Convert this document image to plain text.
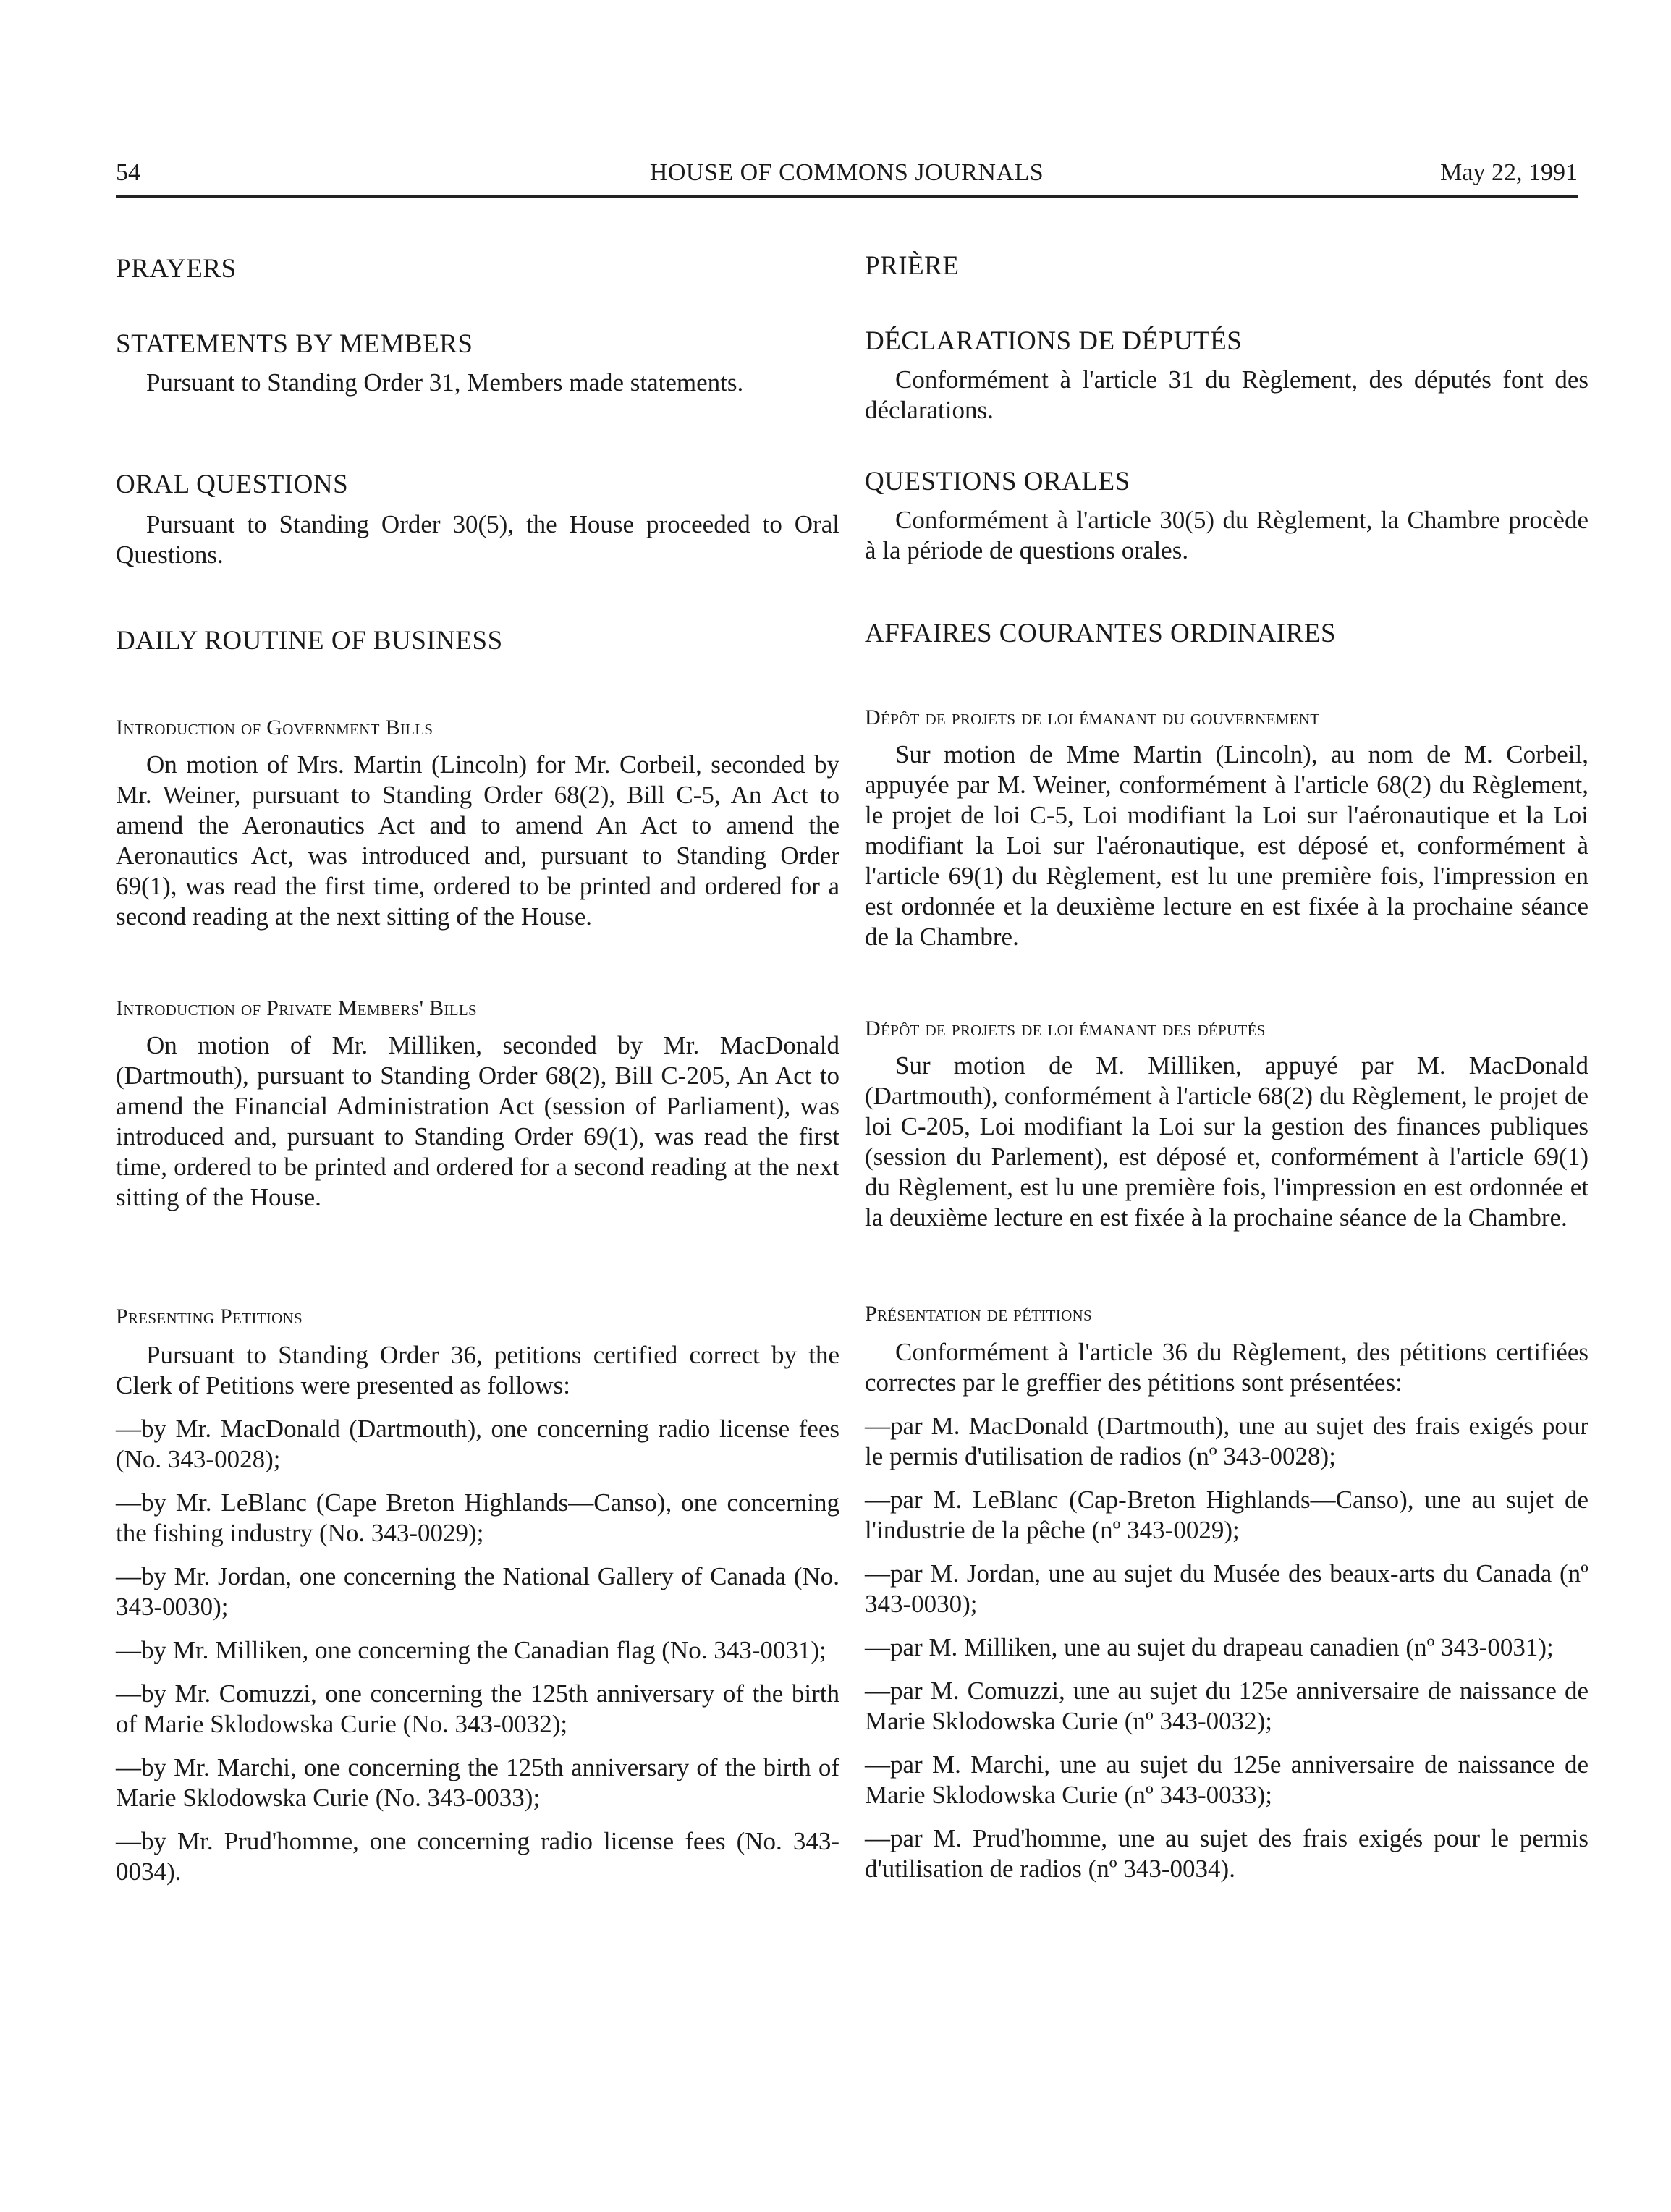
54	HOUSE OF COMMONS JOURNALS	May 22, 1991
PRAYERS
STATEMENTS BY MEMBERS

Pursuant to Standing Order 31, Members made statements.

ORAL QUESTIONS

Pursuant to Standing Order 30(5), the House proceeded to Oral Questions.

DAILY ROUTINE OF BUSINESS
Introduction of Government Bills

On motion of Mrs. Martin (Lincoln) for Mr. Corbeil, seconded by Mr. Weiner, pursuant to Standing Order 68(2), Bill C-5, An Act to amend the Aeronautics Act and to amend An Act to amend the Aeronautics Act, was introduced and, pursuant to Standing Order 69(1), was read the first time, ordered to be printed and ordered for a second reading at the next sitting of the House.

Introduction of Private Members' Bills

On motion of Mr. Milliken, seconded by Mr. MacDonald (Dartmouth), pursuant to Standing Order 68(2), Bill C-205, An Act to amend the Financial Administration Act (session of Parliament), was introduced and, pursuant to Standing Order 69(1), was read the first time, ordered to be printed and ordered for a second reading at the next sitting of the House.

Presenting Petitions

Pursuant to Standing Order 36, petitions certified correct by the Clerk of Petitions were presented as follows:

—by Mr. MacDonald (Dartmouth), one concerning radio license fees (No. 343-0028);

—by Mr. LeBlanc (Cape Breton Highlands—Canso), one concerning the fishing industry (No. 343-0029);

—by Mr. Jordan, one concerning the National Gallery of Canada (No. 343-0030);

—by Mr. Milliken, one concerning the Canadian flag (No. 343-0031);

—by Mr. Comuzzi, one concerning the 125th anniversary of the birth of Marie Sklodowska Curie (No. 343-0032);

—by Mr. Marchi, one concerning the 125th anniversary of the birth of Marie Sklodowska Curie (No. 343-0033);

—by Mr. Prud'homme, one concerning radio license fees (No. 343-0034).

PRIÈRE
DÉCLARATIONS DE DÉPUTÉS

Conformément à l'article 31 du Règlement, des députés font des déclarations.

QUESTIONS ORALES

Conformément à l'article 30(5) du Règlement, la Chambre procède à la période de questions orales.

AFFAIRES COURANTES ORDINAIRES
Dépôt de projets de loi émanant du gouvernement

Sur motion de Mme Martin (Lincoln), au nom de M. Corbeil, appuyée par M. Weiner, conformément à l'article 68(2) du Règlement, le projet de loi C-5, Loi modifiant la Loi sur l'aéronautique et la Loi modifiant la Loi sur l'aéronautique, est déposé et, conformément à l'article 69(1) du Règlement, est lu une première fois, l'impression en est ordonnée et la deuxième lecture en est fixée à la prochaine séance de la Chambre.

Dépôt de projets de loi émanant des députés

Sur motion de M. Milliken, appuyé par M. MacDonald (Dartmouth), conformément à l'article 68(2) du Règlement, le projet de loi C-205, Loi modifiant la Loi sur la gestion des finances publiques (session du Parlement), est déposé et, conformément à l'article 69(1) du Règlement, est lu une première fois, l'impression en est ordonnée et la deuxième lecture en est fixée à la prochaine séance de la Chambre.

Présentation de pétitions

Conformément à l'article 36 du Règlement, des pétitions certifiées correctes par le greffier des pétitions sont présentées:

—par M. MacDonald (Dartmouth), une au sujet des frais exigés pour le permis d'utilisation de radios (nº 343-0028);

—par M. LeBlanc (Cap-Breton Highlands—Canso), une au sujet de l'industrie de la pêche (nº 343-0029);

—par M. Jordan, une au sujet du Musée des beaux-arts du Canada (nº 343-0030);

—par M. Milliken, une au sujet du drapeau canadien (nº 343-0031);

—par M. Comuzzi, une au sujet du 125e anniversaire de naissance de Marie Sklodowska Curie (nº 343-0032);

—par M. Marchi, une au sujet du 125e anniversaire de naissance de Marie Sklodowska Curie (nº 343-0033);

—par M. Prud'homme, une au sujet des frais exigés pour le permis d'utilisation de radios (nº 343-0034).
